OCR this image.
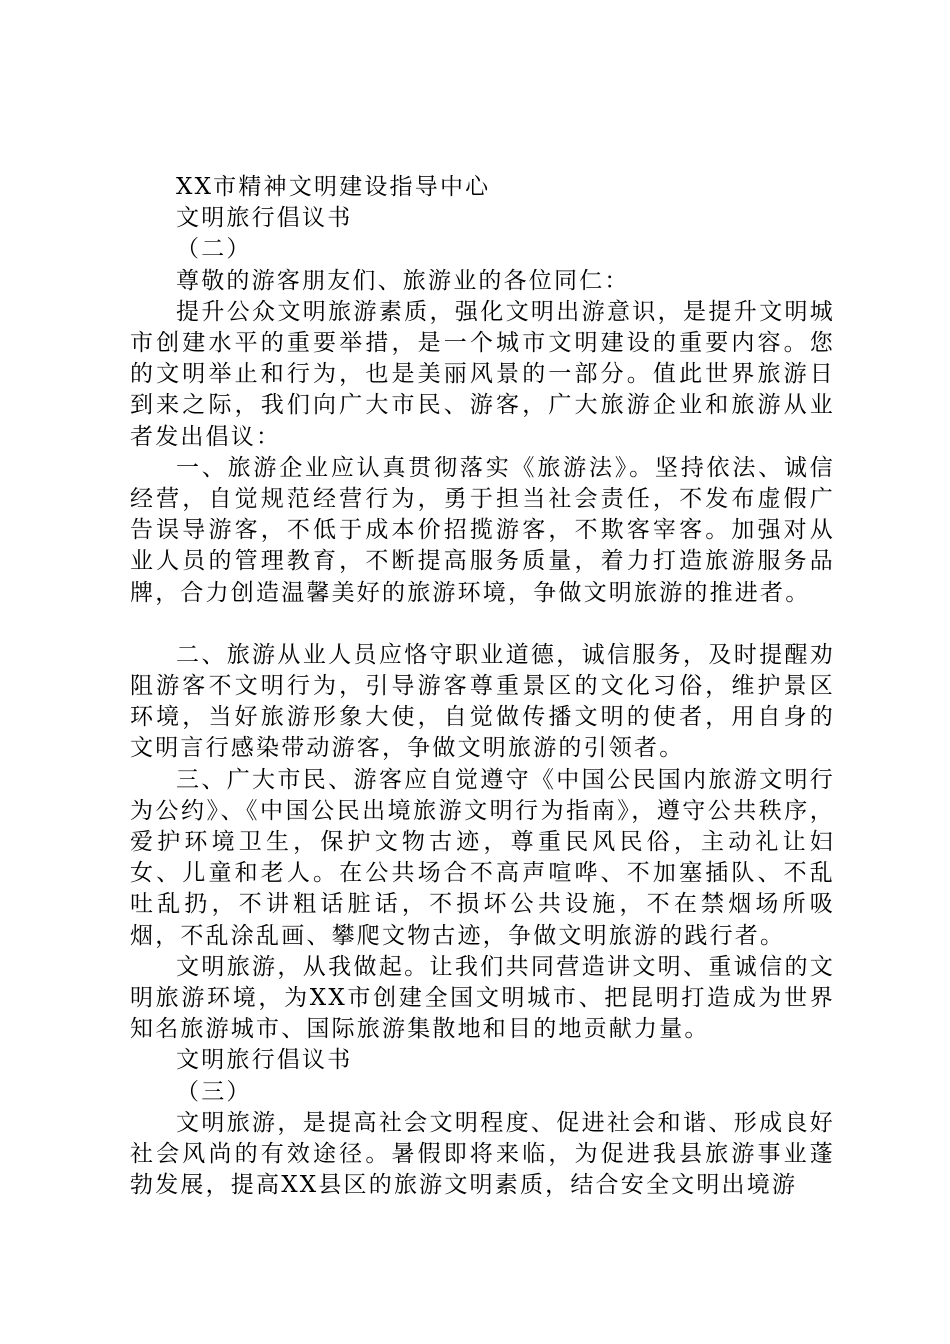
XX市精神文明建设指导中心

文明旅行倡议书

（二）

尊敬的游客朋友们、旅游业的各位同仁：

提升公众文明旅游素质，强化文明出游意识，是提升文明城市创建水平的重要举措，是一个城市文明建设的重要内容。您的文明举止和行为，也是美丽风景的一部分。值此世界旅游日到来之际，我们向广大市民、游客，广大旅游企业和旅游从业者发出倡议：

一、旅游企业应认真贯彻落实《旅游法》。坚持依法、诚信经营，自觉规范经营行为，勇于担当社会责任，不发布虚假广告误导游客，不低于成本价招揽游客，不欺客宰客。加强对从业人员的管理教育，不断提高服务质量，着力打造旅游服务品牌，合力创造温馨美好的旅游环境，争做文明旅游的推进者。

二、旅游从业人员应恪守职业道德，诚信服务，及时提醒劝阻游客不文明行为，引导游客尊重景区的文化习俗，维护景区环境，当好旅游形象大使，自觉做传播文明的使者，用自身的文明言行感染带动游客，争做文明旅游的引领者。

三、广大市民、游客应自觉遵守《中国公民国内旅游文明行为公约》、《中国公民出境旅游文明行为指南》，遵守公共秩序，爱护环境卫生，保护文物古迹，尊重民风民俗，主动礼让妇女、儿童和老人。在公共场合不高声喧哗、不加塞插队、不乱吐乱扔，不讲粗话脏话，不损坏公共设施，不在禁烟场所吸烟，不乱涂乱画、攀爬文物古迹，争做文明旅游的践行者。

文明旅游，从我做起。让我们共同营造讲文明、重诚信的文明旅游环境，为XX市创建全国文明城市、把昆明打造成为世界知名旅游城市、国际旅游集散地和目的地贡献力量。

文明旅行倡议书

（三）

文明旅游，是提高社会文明程度、促进社会和谐、形成良好社会风尚的有效途径。暑假即将来临，为促进我县旅游事业蓬勃发展，提高XX县区的旅游文明素质，结合安全文明出境游
